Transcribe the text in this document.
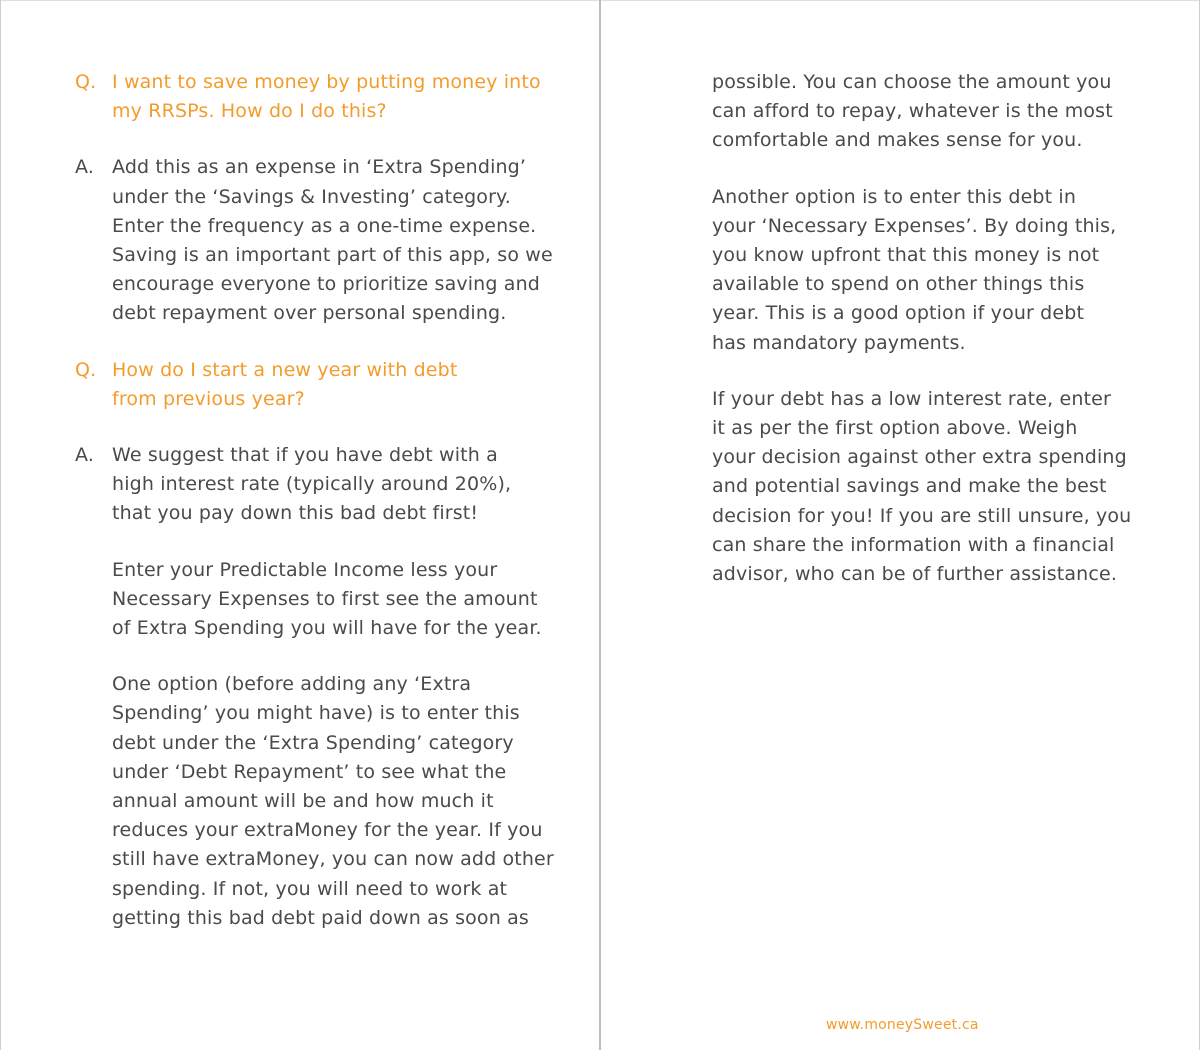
Q. I want to save money by putting money into
my RRSPs. How do I do this?
A. Add this as an expense in ‘Extra Spending’
under the ‘Savings & Investing’ category.
Enter the frequency as a one-time expense.
Saving is an important part of this app, so we
encourage everyone to prioritize saving and
debt repayment over personal spending.
Q. How do I start a new year with debt
from previous year?
A. We suggest that if you have debt with a
high interest rate (typically around 20%),
that you pay down this bad debt first!
Enter your Predictable Income less your
Necessary Expenses to first see the amount
of Extra Spending you will have for the year.
One option (before adding any ‘Extra
Spending’ you might have) is to enter this
debt under the ‘Extra Spending’ category
under ‘Debt Repayment’ to see what the
annual amount will be and how much it
reduces your extraMoney for the year. If you
still have extraMoney, you can now add other
spending. If not, you will need to work at
getting this bad debt paid down as soon as
possible. You can choose the amount you
can afford to repay, whatever is the most
comfortable and makes sense for you.
Another option is to enter this debt in
your ‘Necessary Expenses’. By doing this,
you know upfront that this money is not
available to spend on other things this
year. This is a good option if your debt
has mandatory payments.
If your debt has a low interest rate, enter
it as per the first option above. Weigh
your decision against other extra spending
and potential savings and make the best
decision for you! If you are still unsure, you
can share the information with a financial
advisor, who can be of further assistance.
www.moneySweet.ca
